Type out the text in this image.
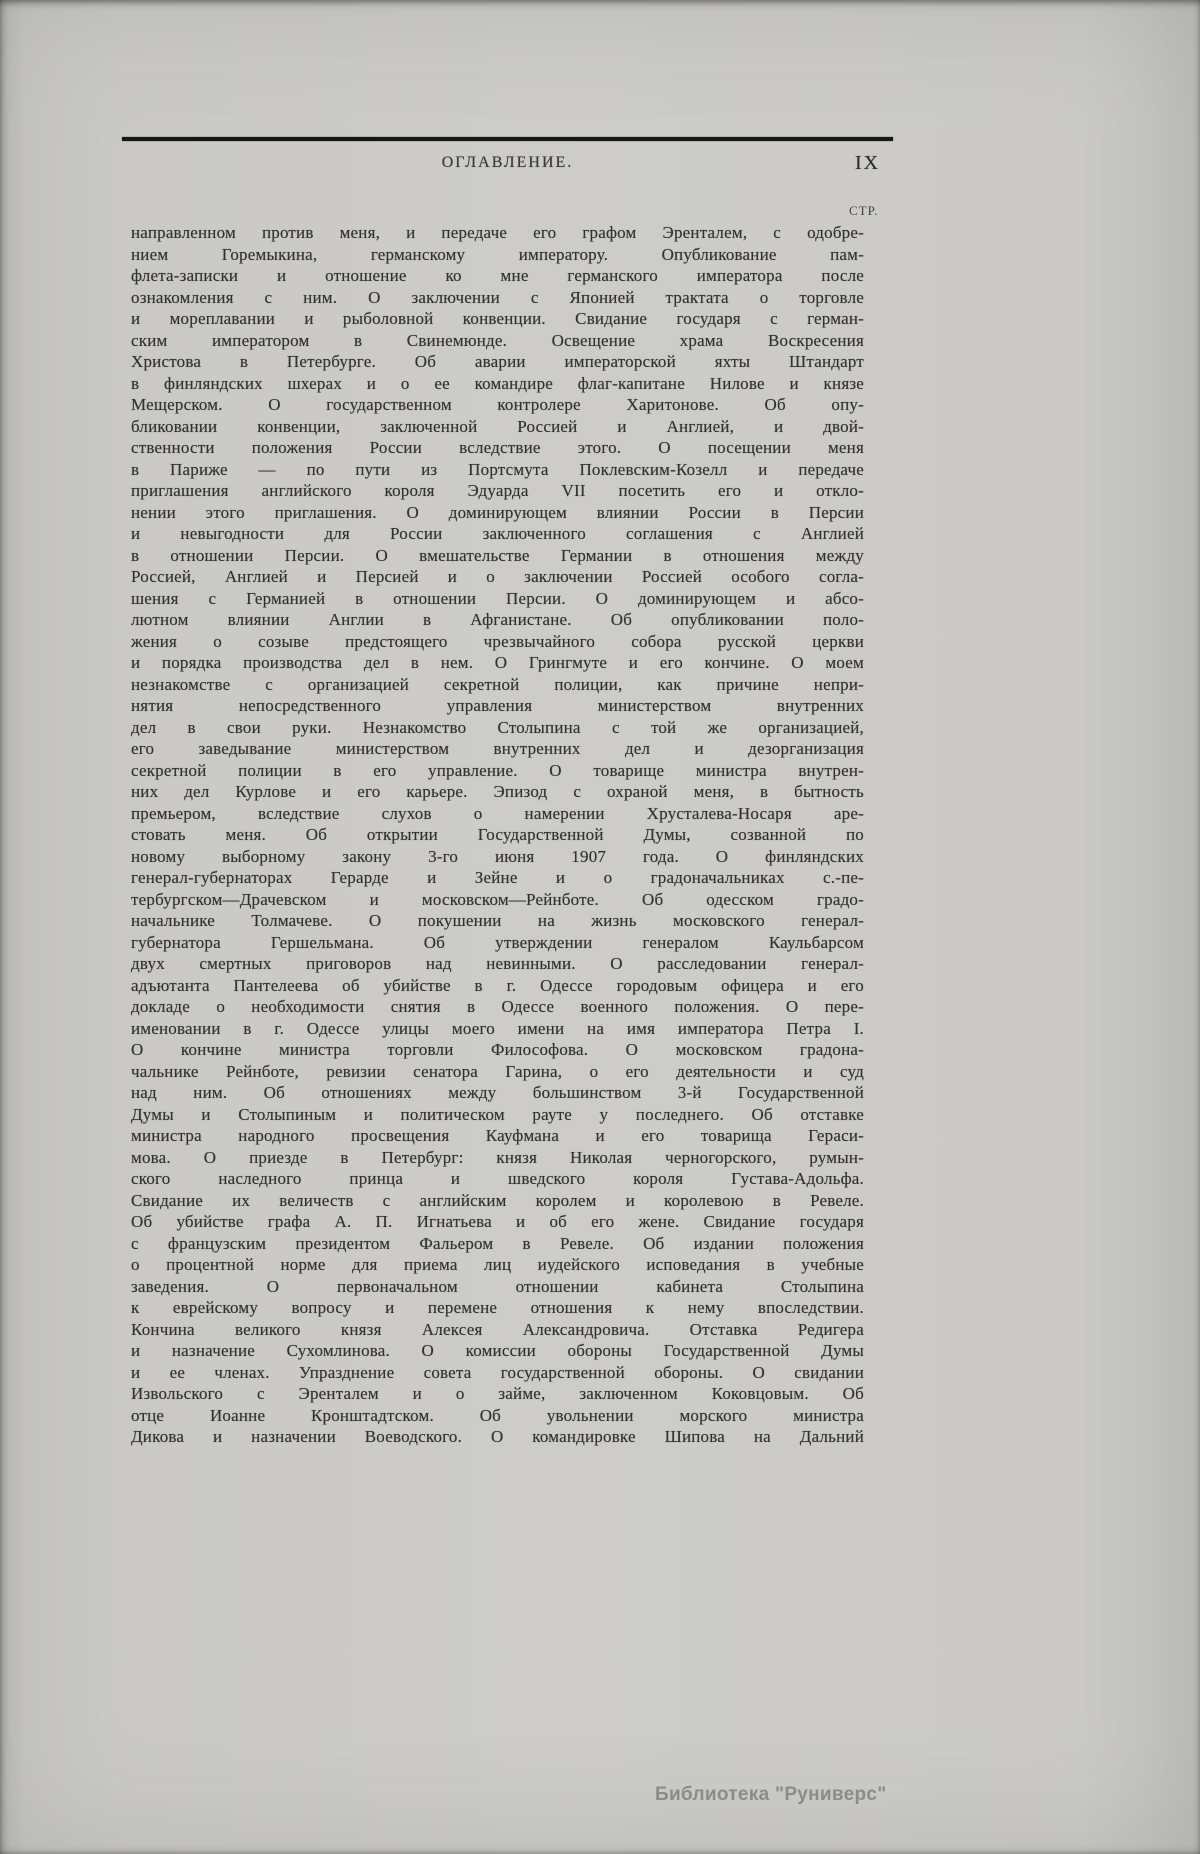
ОГЛАВЛЕНИЕ.	IX
СТР.
направленном против меня, и передаче его графом Эренталем, с одобре-
нием Горемыкина, германскому императору. Опубликование пам-
флета-записки и отношение ко мне германского императора после
ознакомления с ним. О заключении с Японией трактата о торговле
и мореплавании и рыболовной конвенции. Свидание государя с герман-
ским императором в Свинемюнде. Освещение храма Воскресения
Христова в Петербурге. Об аварии императорской яхты Штандарт
в финляндских шхерах и о ее командире флаг-капитане Нилове и князе
Мещерском. О государственном контролере Харитонове. Об опу-
бликовании конвенции, заключенной Россией и Англией, и двой-
ственности положения России вследствие этого. О посещении меня
в Париже — по пути из Портсмута Поклевским-Козелл и передаче
приглашения английского короля Эдуарда VII посетить его и откло-
нении этого приглашения. О доминирующем влиянии России в Персии
и невыгодности для России заключенного соглашения с Англией
в отношении Персии. О вмешательстве Германии в отношения между
Россией, Англией и Персией и о заключении Россией особого согла-
шения с Германией в отношении Персии. О доминирующем и абсо-
лютном влиянии Англии в Афганистане. Об опубликовании поло-
жения о созыве предстоящего чрезвычайного собора русской церкви
и порядка производства дел в нем. О Грингмуте и его кончине. О моем
незнакомстве с организацией секретной полиции, как причине непри-
нятия непосредственного управления министерством внутренних
дел в свои руки. Незнакомство Столыпина с той же организацией,
его заведывание министерством внутренних дел и дезорганизация
секретной полиции в его управление. О товарище министра внутрен-
них дел Курлове и его карьере. Эпизод с охраной меня, в бытность
премьером, вследствие слухов о намерении Хрусталева-Носаря аре-
стовать меня. Об открытии Государственной Думы, созванной по
новому выборному закону 3-го июня 1907 года. О финляндских
генерал-губернаторах Герарде и Зейне и о градоначальниках с.-пе-
тербургском—Драчевском и московском—Рейнботе. Об одесском градо-
начальнике Толмачеве. О покушении на жизнь московского генерал-
губернатора Гершельмана. Об утверждении генералом Каульбарсом
двух смертных приговоров над невинными. О расследовании генерал-
адъютанта Пантелеева об убийстве в г. Одессе городовым офицера и его
докладе о необходимости снятия в Одессе военного положения. О пере-
именовании в г. Одессе улицы моего имени на имя императора Петра I.
О кончине министра торговли Философова. О московском градона-
чальнике Рейнботе, ревизии сенатора Гарина, о его деятельности и суд
над ним. Об отношениях между большинством 3-й Государственной
Думы и Столыпиным и политическом рауте у последнего. Об отставке
министра народного просвещения Кауфмана и его товарища Гераси-
мова. О приезде в Петербург: князя Николая черногорского, румын-
ского наследного принца и шведского короля Густава-Адольфа.
Свидание их величеств с английским королем и королевою в Ревеле.
Об убийстве графа А. П. Игнатьева и об его жене. Свидание государя
с французским президентом Фальером в Ревеле. Об издании положения
о процентной норме для приема лиц иудейского исповедания в учебные
заведения. О первоначальном отношении кабинета Столыпина
к еврейскому вопросу и перемене отношения к нему впоследствии.
Кончина великого князя Алексея Александровича. Отставка Редигера
и назначение Сухомлинова. О комиссии обороны Государственной Думы
и ее членах. Упразднение совета государственной обороны. О свидании
Извольского с Эренталем и о займе, заключенном Коковцовым. Об
отце Иоанне Кронштадтском. Об увольнении морского министра
Дикова и назначении Воеводского. О командировке Шипова на Дальний
Библиотека "Руниверс"
